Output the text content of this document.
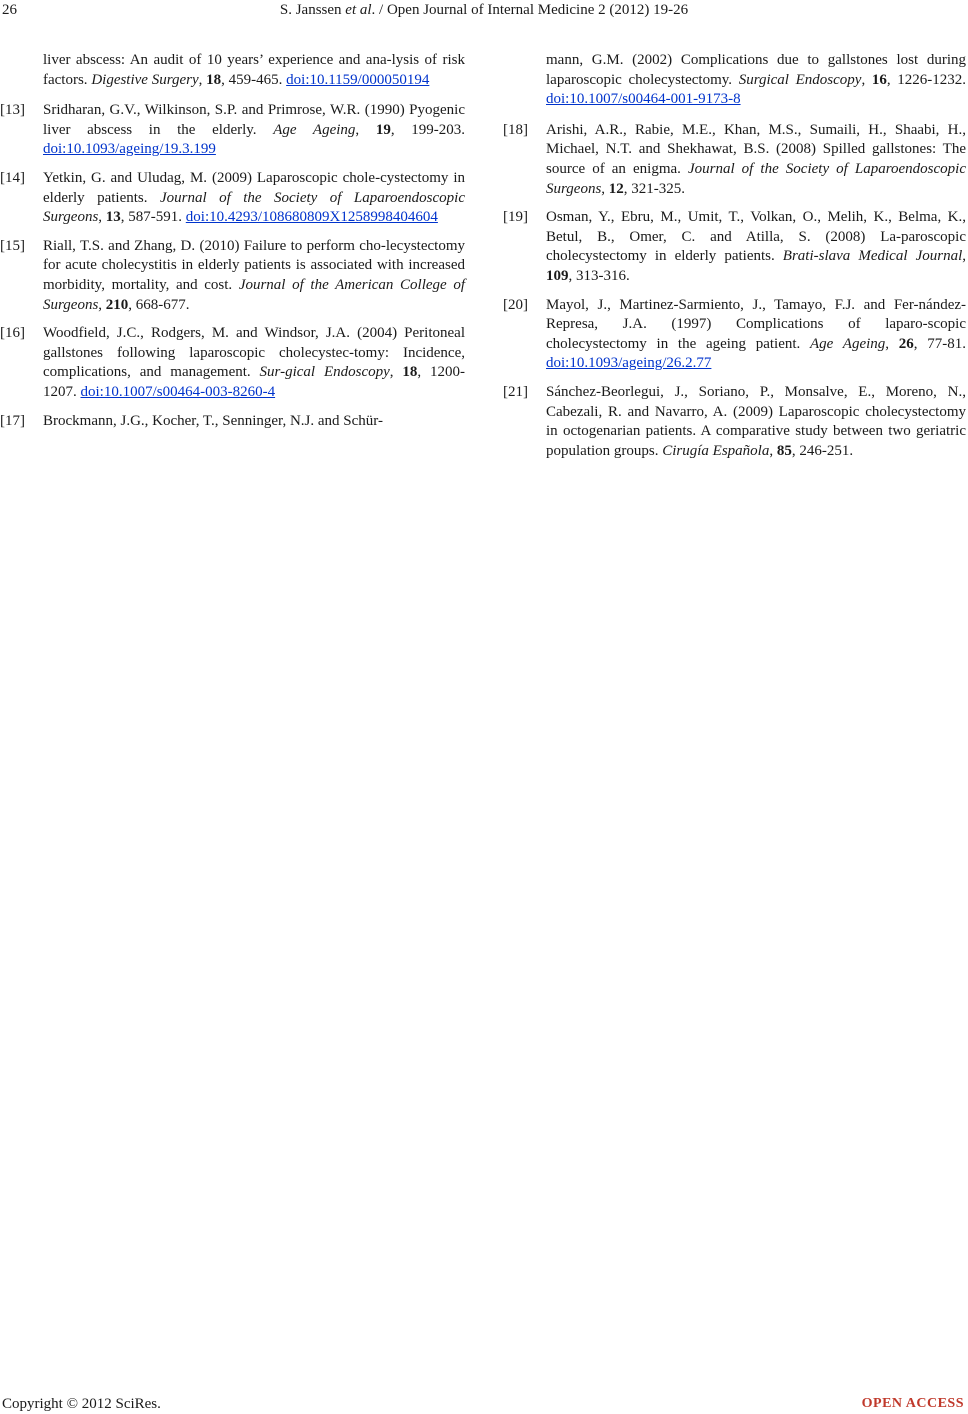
26	S. Janssen et al. / Open Journal of Internal Medicine 2 (2012) 19-26
liver abscess: An audit of 10 years’ experience and ana-lysis of risk factors. Digestive Surgery, 18, 459-465. doi:10.1159/000050194
[13] Sridharan, G.V., Wilkinson, S.P. and Primrose, W.R. (1990) Pyogenic liver abscess in the elderly. Age Ageing, 19, 199-203. doi:10.1093/ageing/19.3.199
[14] Yetkin, G. and Uludag, M. (2009) Laparoscopic chole-cystectomy in elderly patients. Journal of the Society of Laparoendoscopic Surgeons, 13, 587-591. doi:10.4293/108680809X1258998404604
[15] Riall, T.S. and Zhang, D. (2010) Failure to perform cho-lecystectomy for acute cholecystitis in elderly patients is associated with increased morbidity, mortality, and cost. Journal of the American College of Surgeons, 210, 668-677.
[16] Woodfield, J.C., Rodgers, M. and Windsor, J.A. (2004) Peritoneal gallstones following laparoscopic cholecystec-tomy: Incidence, complications, and management. Sur-gical Endoscopy, 18, 1200-1207. doi:10.1007/s00464-003-8260-4
[17] Brockmann, J.G., Kocher, T., Senninger, N.J. and Schür-
mann, G.M. (2002) Complications due to gallstones lost during laparoscopic cholecystectomy. Surgical Endoscopy, 16, 1226-1232. doi:10.1007/s00464-001-9173-8
[18] Arishi, A.R., Rabie, M.E., Khan, M.S., Sumaili, H., Shaabi, H., Michael, N.T. and Shekhawat, B.S. (2008) Spilled gallstones: The source of an enigma. Journal of the Society of Laparoendoscopic Surgeons, 12, 321-325.
[19] Osman, Y., Ebru, M., Umit, T., Volkan, O., Melih, K., Belma, K., Betul, B., Omer, C. and Atilla, S. (2008) La-paroscopic cholecystectomy in elderly patients. Brati-slava Medical Journal, 109, 313-316.
[20] Mayol, J., Martinez-Sarmiento, J., Tamayo, F.J. and Fer-nández-Represa, J.A. (1997) Complications of laparo-scopic cholecystectomy in the ageing patient. Age Ageing, 26, 77-81. doi:10.1093/ageing/26.2.77
[21] Sánchez-Beorlegui, J., Soriano, P., Monsalve, E., Moreno, N., Cabezali, R. and Navarro, A. (2009) Laparoscopic cholecystectomy in octogenarian patients. A comparative study between two geriatric population groups. Cirugía Española, 85, 246-251.
Copyright © 2012 SciRes.	OPEN ACCESS
